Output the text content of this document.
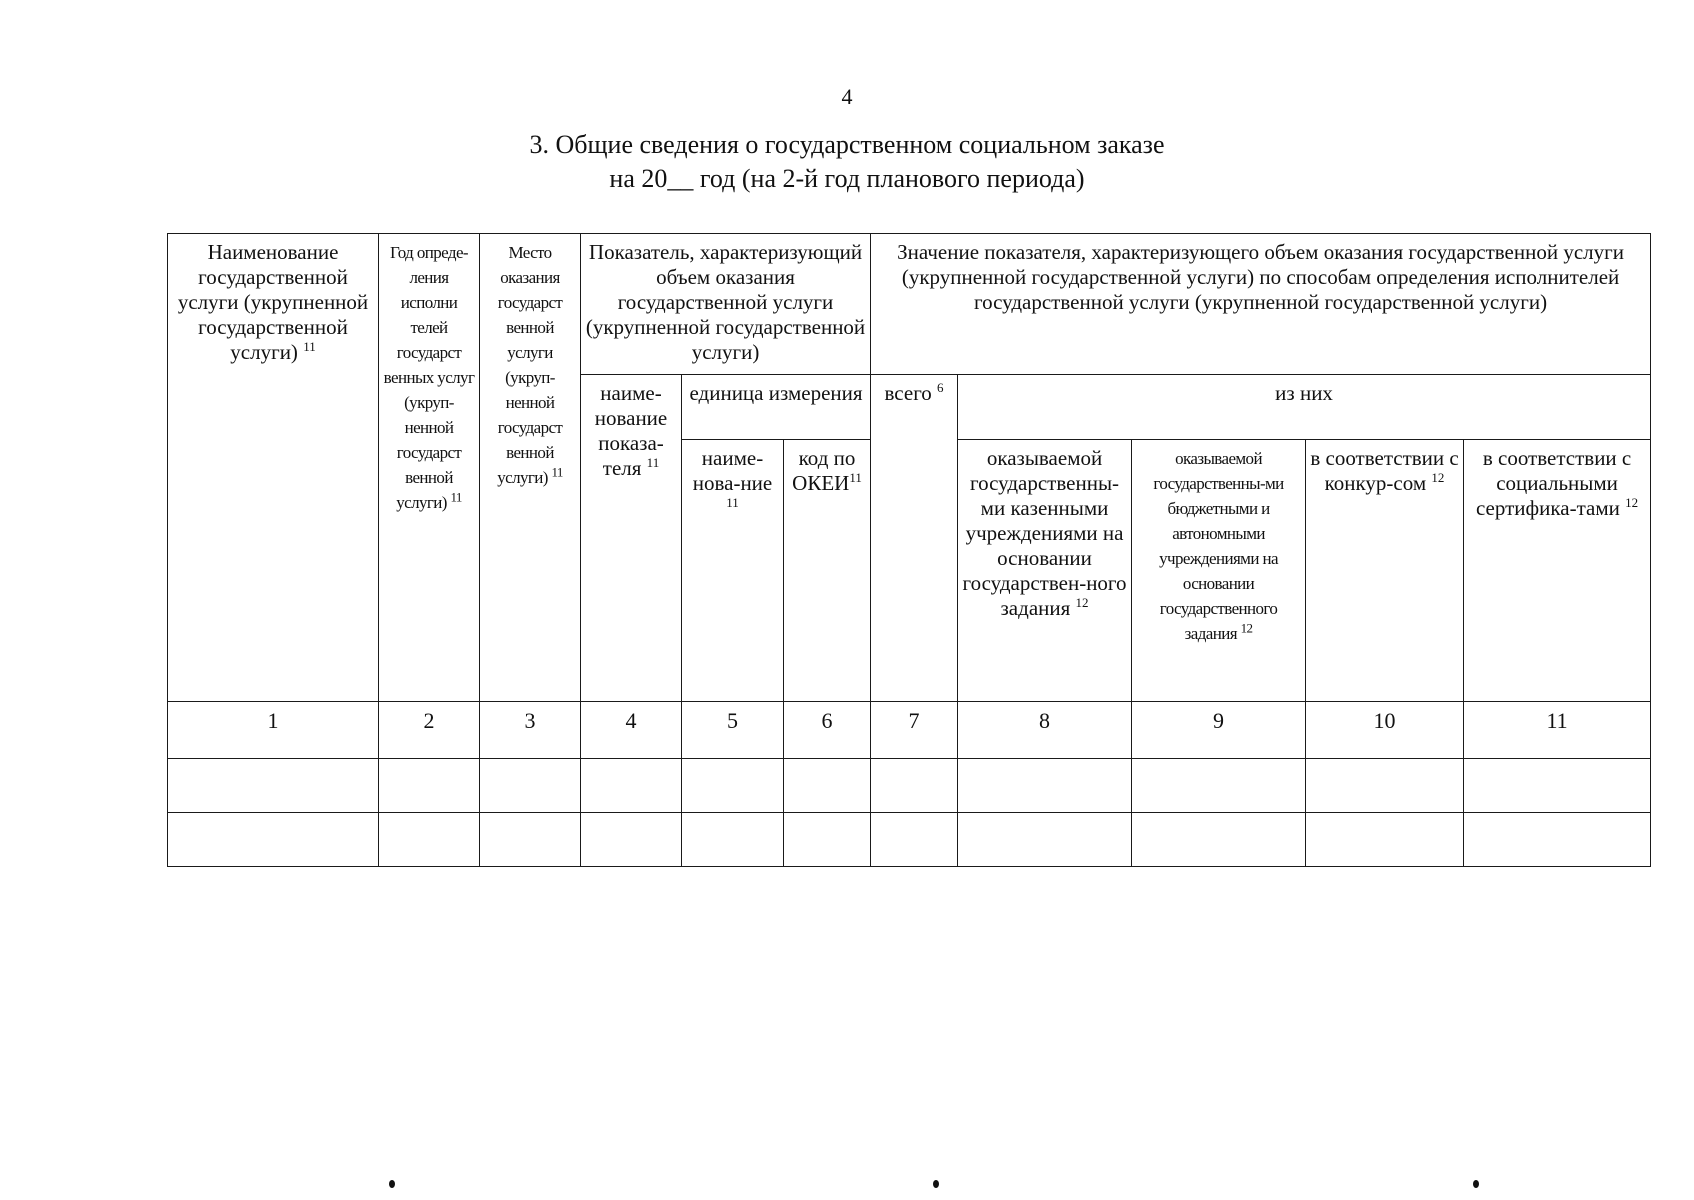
4
3. Общие сведения о государственном социальном заказе
на 20__ год (на 2-й год планового периода)
Наименование государственной услуги (укрупненной государственной услуги) $^{11}$	Год опреде-ления исполни телей государст венных услуг (укруп-ненной государст венной услуги) $^{11}$	Место оказания государст венной услуги (укруп-ненной государст венной услуги) $^{11}$	Показатель, характеризующий объем оказания государственной услуги (укрупненной государственной услуги)			Значение показателя, характеризующего объем оказания государственной услуги (укрупненной государственной услуги) по способам определения исполнителей государственной услуги (укрупненной государственной услуги)				
			наиме-нование показа-теля $^{11}$	единица измерения		всего $^6$	из них			
				наиме-нова-ние $^{11}$	код по ОКЕИ$^{11}$		оказываемой государственны-ми казенными учреждениями на основании государствен-ного задания $^{12}$	оказываемой государственны-ми бюджетными и автономными учреждениями на основании государственного задания $^{12}$	в соответствии с конкур-сом $^{12}$	в соответствии с социальными сертифика-тами $^{12}$
1	2	3	4	5	6	7	8	9	10	11
